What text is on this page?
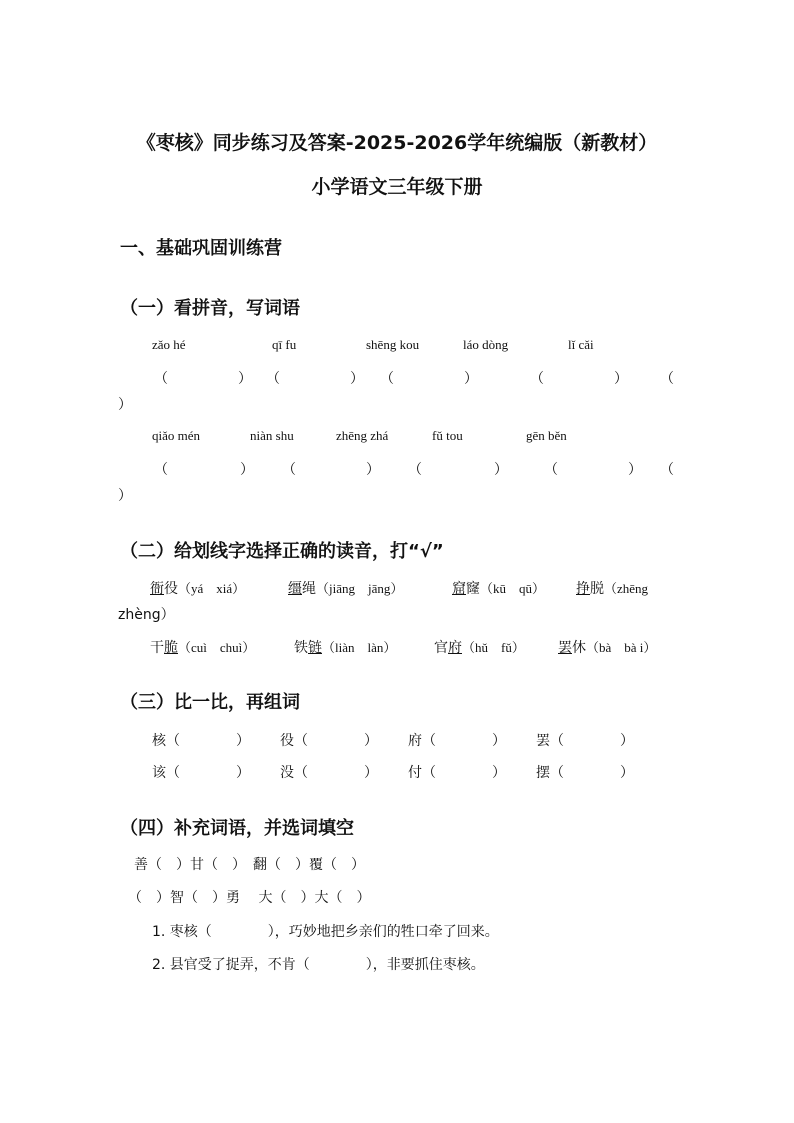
《枣核》同步练习及答案-2025-2026学年统编版（新教材）
小学语文三年级下册
一、基础巩固训练营
（一）看拼音，写词语
zǎo hé	qī fu	shēng kou	láo dòng	lǐ cǎi
（	） （	） （	）	（	） （
）
qiǎo mén	niàn shu	zhēng zhá	fǔ tou	gēn běn
（	） （	） （	）	（	） （
）
（二）给划线字选择正确的读音，打“√”
衙役（yá　xiá）	缰绳（jiāng　jāng）	窟窿（kū　qū） 挣脱（zhēng
zhèng）
干脆（cuì　chuì）	铁链（liàn　làn）	官府（hǔ　fǔ） 罢休（bà　bà i）
（三）比一比，再组词
核（　　　　） 役（　　　　） 府（　　　　） 罢（　　　　）
该（　　　　） 没（　　　　） 付（　　　　） 摆（　　　　）
（四）补充词语，并选词填空
善（　）甘（　）　翻（　）覆（　）
（　）智（　）勇　 大（　）大（　）
1. 枣核（　　　　），巧妙地把乡亲们的牲口牵了回来。
2. 县官受了捉弄，不肯（　　　　），非要抓住枣核。
